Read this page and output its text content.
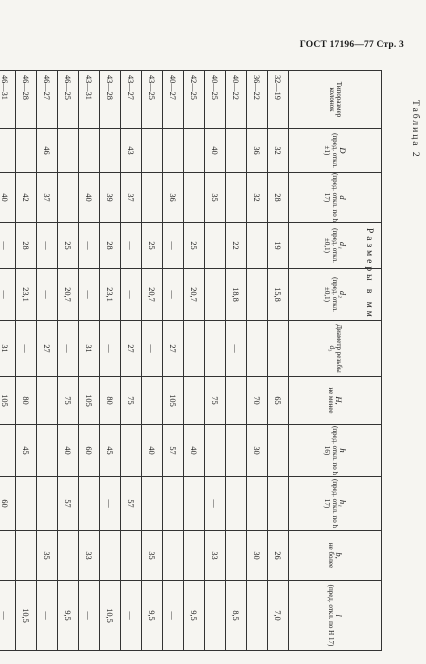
ГОСТ 17196—77 Стр. 3
Таблица 2
Размеры в мм
Типоразмер колонок	D
(пред. откл. ±1)	d
(пред. откл. по h 17)	d₁
(пред. откл. ±0,1)	d₂
(пред. откл. ±0,1)	Диаметр резьбы d₃	H,
не менее	h
(пред. откл. по h 16)	h₁
(пред. откл. по h 17)	b,
не более	l
(пред. откл. по H 17)
32—19	32	28	19	15,8		65			26	7,0
36—22	36	32				70	30		30	
40—22			22	18,8	—					8,5
40—25	40	35				75		—	33	
42—25			25	20,7			40			9,5
40—27		36	—	—	27	105	57			—
43—25			25	20,7	—		40		35	9,5
43—27	43	37	—	—	27	75		57		—
43—28		39	28	23,1	—	80	45	—		10,5
43—31		40	—	—	31	105	60		33	—
46—25			25	20,7	—	75	40	57		9,5
46—27	46	37	—	—	27				35	—
46—28		42	28	23,1	—	80	45			10,5
46—31		40	—	—	31	105		60		—
